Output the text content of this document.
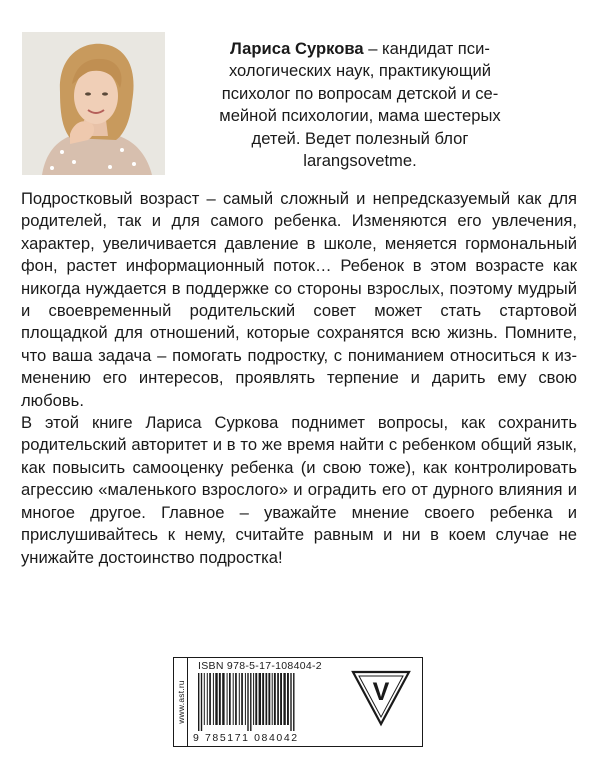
Лариса Суркова – кандидат пси-
хологических наук, практикующий
психолог по вопросам детской и се-
мейной психологии, мама шестерых
детей. Ведет полезный блог
larangsovetme.

Подростковый возраст – самый сложный и непредсказуемый как для родителей, так и для самого ребенка. Изменяются его увлечения, характер, увеличивается давление в школе, меняется гормональный фон, растет информационный поток… Ребенок в этом возрасте как никогда нуждается в поддержке со стороны взрослых, поэтому мудрый и своевременный родительский совет может стать стартовой площадкой для отношений, которые сохранятся всю жизнь. Помните, что ваша задача – помогать подростку, с пониманием относиться к изменению его интересов, проявлять терпение и дарить ему свою любовь.

В этой книге Лариса Суркова поднимет вопросы, как сохранить родительский авторитет и в то же время найти с ребенком общий язык, как повысить самооценку ребенка (и свою тоже), как контролировать агрессию «маленького взрослого» и оградить его от дурного влияния и многое другое. Главное – уважайте мнение своего ребенка и прислушивайтесь к нему, считайте равным и ни в коем случае не унижайте достоинство подростка!

www.ast.ru
ISBN 978-5-17-108404-2
9 785171 084042
V
